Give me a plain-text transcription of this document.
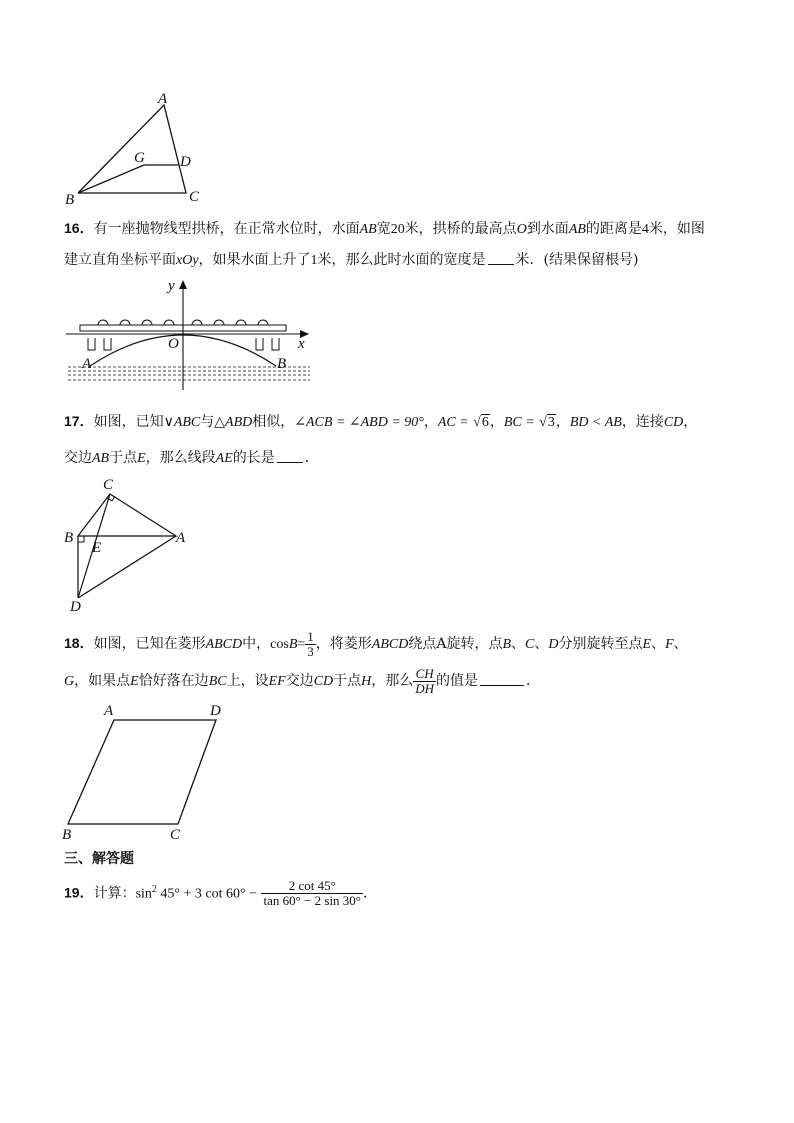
A
B	C
D
G
16．有一座抛物线型拱桥，在正常水位时，水面AB宽20米，拱桥的最高点O到水面AB的距离是4米，如图
建立直角坐标平面xOy，如果水面上升了1米，那么此时水面的宽度是 米．(结果保留根号)
y
x
O
A	B
17．如图，已知∨ABC与△ABD相似，∠ACB = ∠ABD = 90°，AC = √6，BC = √3，BD < AB，连接CD，
交边AB于点E，那么线段AE的长是 ．
C
B
E
A
D
18．如图，已知在菱形ABCD中，$\cos B= \frac{1}{3}$ ，将菱形ABCD绕点A旋转，点B、C、D分别旋转至点E、F、
G，如果点E恰好落在边BC上，设EF交边CD于点H，那么 $\frac{CH}{DH}$ 的值是	．
A	D
B	C
三、解答题
19．计算：$\sin^2 45^\circ + 3$ $\cot 60^\circ - \frac{2 \cot 45^\circ}{\tan 60^\circ - 2 \sin 30^\circ}$ ．
